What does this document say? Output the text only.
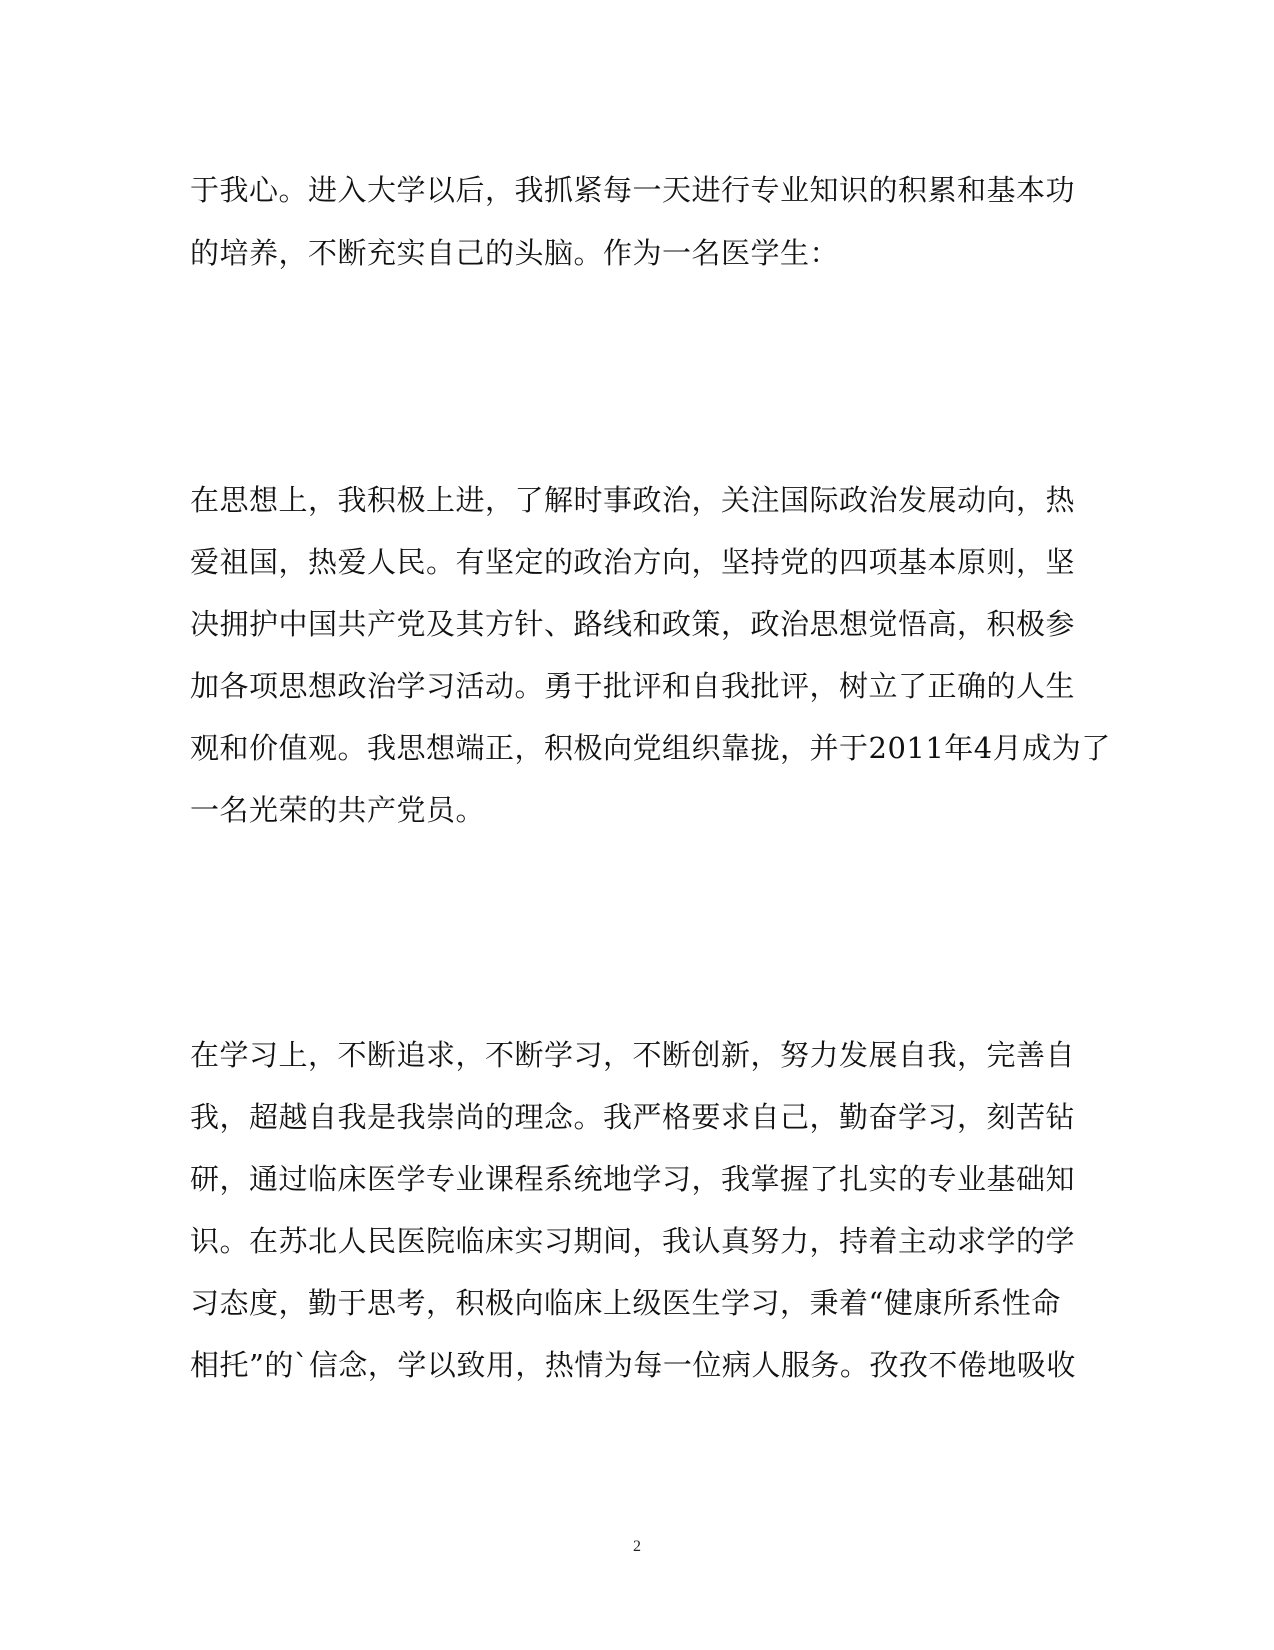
于我心。进入大学以后，我抓紧每一天进行专业知识的积累和基本功

的培养，不断充实自己的头脑。作为一名医学生：

在思想上，我积极上进，了解时事政治，关注国际政治发展动向，热

爱祖国，热爱人民。有坚定的政治方向，坚持党的四项基本原则，坚

决拥护中国共产党及其方针、路线和政策，政治思想觉悟高，积极参

加各项思想政治学习活动。勇于批评和自我批评，树立了正确的人生

观和价值观。我思想端正，积极向党组织靠拢，并于2011年4月成为了

一名光荣的共产党员。

在学习上，不断追求，不断学习，不断创新，努力发展自我，完善自

我，超越自我是我崇尚的理念。我严格要求自己，勤奋学习，刻苦钻

研，通过临床医学专业课程系统地学习，我掌握了扎实的专业基础知

识。在苏北人民医院临床实习期间，我认真努力，持着主动求学的学

习态度，勤于思考，积极向临床上级医生学习，秉着“健康所系性命

相托”的`信念，学以致用，热情为每一位病人服务。孜孜不倦地吸收

2
